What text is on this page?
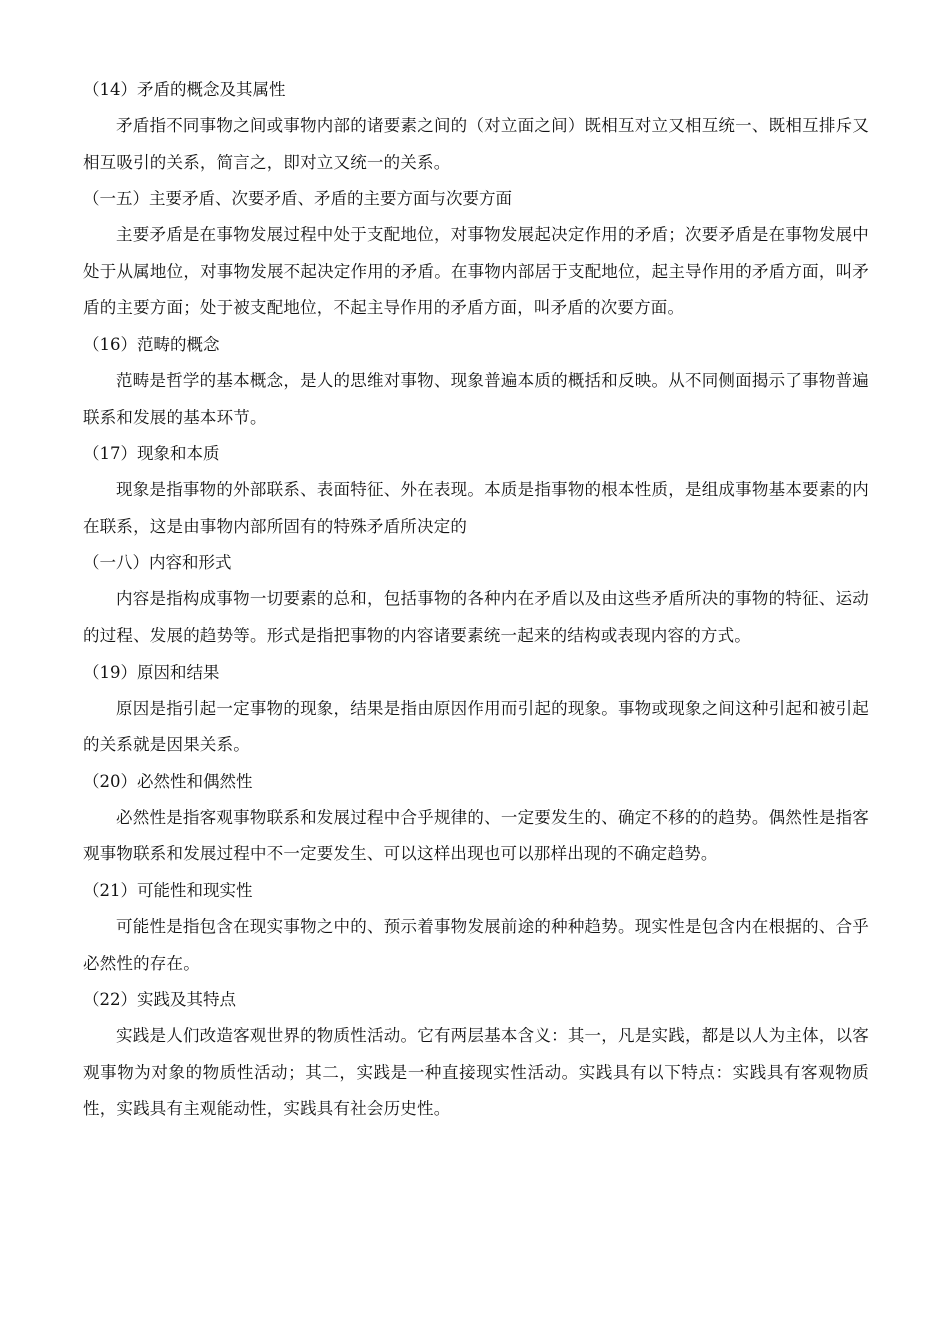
（14）矛盾的概念及其属性

矛盾指不同事物之间或事物内部的诸要素之间的（对立面之间）既相互对立又相互统一、既相互排斥又相互吸引的关系，简言之，即对立又统一的关系。

（一五）主要矛盾、次要矛盾、矛盾的主要方面与次要方面

主要矛盾是在事物发展过程中处于支配地位，对事物发展起决定作用的矛盾；次要矛盾是在事物发展中处于从属地位，对事物发展不起决定作用的矛盾。在事物内部居于支配地位，起主导作用的矛盾方面，叫矛盾的主要方面；处于被支配地位，不起主导作用的矛盾方面，叫矛盾的次要方面。

（16）范畴的概念

范畴是哲学的基本概念，是人的思维对事物、现象普遍本质的概括和反映。从不同侧面揭示了事物普遍联系和发展的基本环节。

（17）现象和本质

现象是指事物的外部联系、表面特征、外在表现。本质是指事物的根本性质，是组成事物基本要素的内在联系，这是由事物内部所固有的特殊矛盾所决定的

（一八）内容和形式

内容是指构成事物一切要素的总和，包括事物的各种内在矛盾以及由这些矛盾所决的事物的特征、运动的过程、发展的趋势等。形式是指把事物的内容诸要素统一起来的结构或表现内容的方式。

（19）原因和结果

原因是指引起一定事物的现象，结果是指由原因作用而引起的现象。事物或现象之间这种引起和被引起的关系就是因果关系。

（20）必然性和偶然性

必然性是指客观事物联系和发展过程中合乎规律的、一定要发生的、确定不移的的趋势。偶然性是指客观事物联系和发展过程中不一定要发生、可以这样出现也可以那样出现的不确定趋势。

（21）可能性和现实性

可能性是指包含在现实事物之中的、预示着事物发展前途的种种趋势。现实性是包含内在根据的、合乎必然性的存在。

（22）实践及其特点

实践是人们改造客观世界的物质性活动。它有两层基本含义：其一，凡是实践，都是以人为主体，以客观事物为对象的物质性活动；其二，实践是一种直接现实性活动。实践具有以下特点：实践具有客观物质性，实践具有主观能动性，实践具有社会历史性。
